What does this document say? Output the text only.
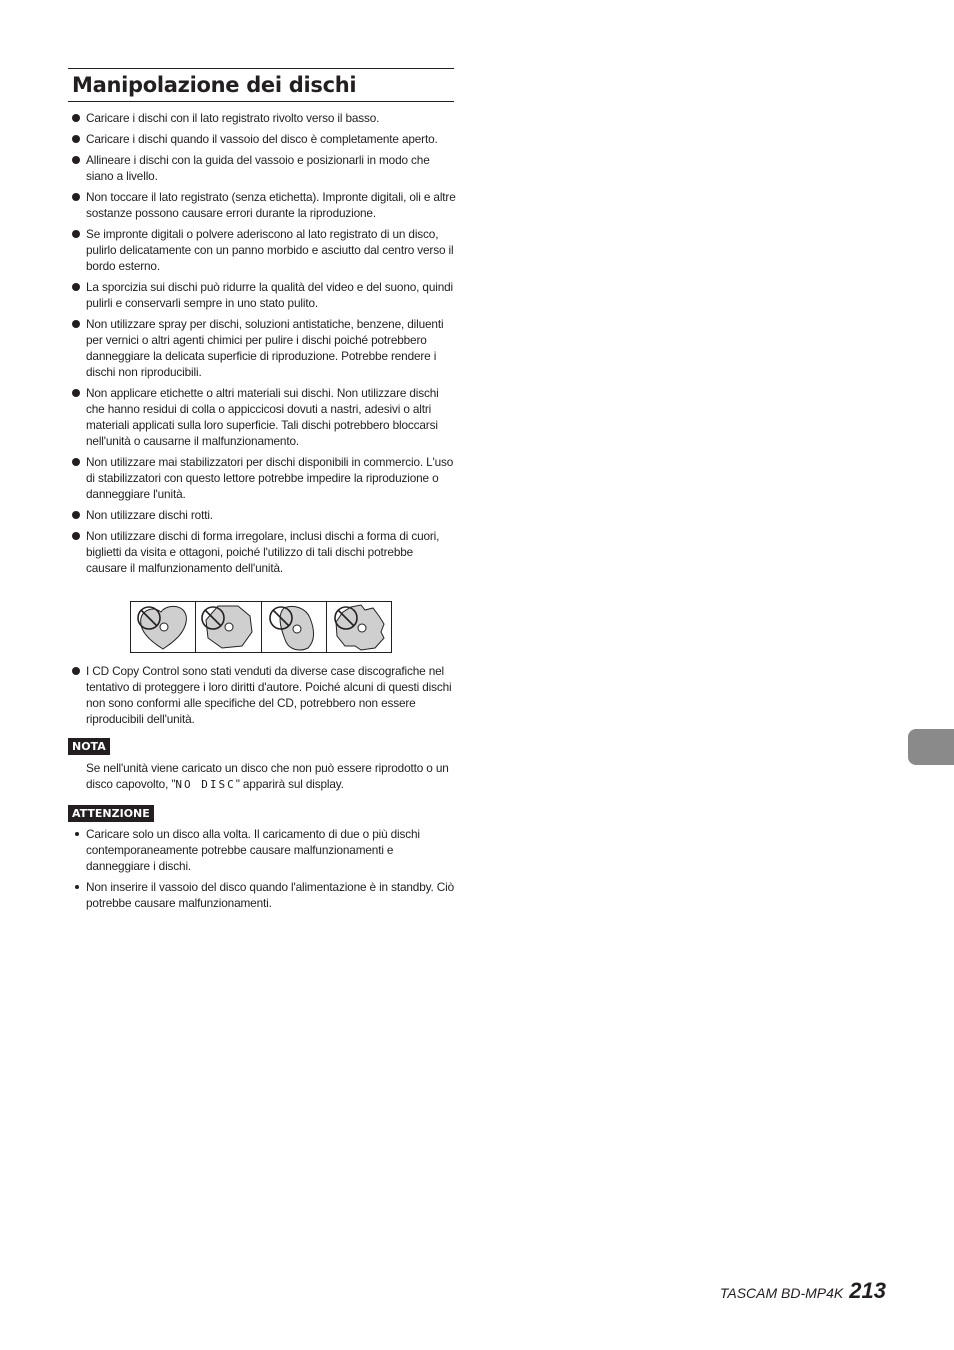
Manipolazione dei dischi
Caricare i dischi con il lato registrato rivolto verso il basso.
Caricare i dischi quando il vassoio del disco è completamente aperto.
Allineare i dischi con la guida del vassoio e posizionarli in modo che siano a livello.
Non toccare il lato registrato (senza etichetta). Impronte digitali, oli e altre sostanze possono causare errori durante la riproduzione.
Se impronte digitali o polvere aderiscono al lato registrato di un disco, pulirlo delicatamente con un panno morbido e asciutto dal centro verso il bordo esterno.
La sporcizia sui dischi può ridurre la qualità del video e del suono, quindi pulirli e conservarli sempre in uno stato pulito.
Non utilizzare spray per dischi, soluzioni antistatiche, benzene, diluenti per vernici o altri agenti chimici per pulire i dischi poiché potrebbero danneggiare la delicata superficie di riproduzione. Potrebbe rendere i dischi non riproducibili.
Non applicare etichette o altri materiali sui dischi. Non utilizzare dischi che hanno residui di colla o appiccicosi dovuti a nastri, adesivi o altri materiali applicati sulla loro superficie. Tali dischi potrebbero bloccarsi nell'unità o causarne il malfunzionamento.
Non utilizzare mai stabilizzatori per dischi disponibili in commercio. L'uso di stabilizzatori con questo lettore potrebbe impedire la riproduzione o danneggiare l'unità.
Non utilizzare dischi rotti.
Non utilizzare dischi di forma irregolare, inclusi dischi a forma di cuori, biglietti da visita e ottagoni, poiché l'utilizzo di tali dischi potrebbe causare il malfunzionamento dell'unità.
I CD Copy Control sono stati venduti da diverse case discografiche nel tentativo di proteggere i loro diritti d'autore. Poiché alcuni di questi dischi non sono conformi alle specifiche del CD, potrebbero non essere riproducibili dell'unità.
NOTA
Se nell'unità viene caricato un disco che non può essere riprodotto o un disco capovolto, "NO DISC" apparirà sul display.
ATTENZIONE
Caricare solo un disco alla volta. Il caricamento di due o più dischi contemporaneamente potrebbe causare malfunzionamenti e danneggiare i dischi.
Non inserire il vassoio del disco quando l'alimentazione è in standby. Ciò potrebbe causare malfunzionamenti.
TASCAM BD-MP4K 213
